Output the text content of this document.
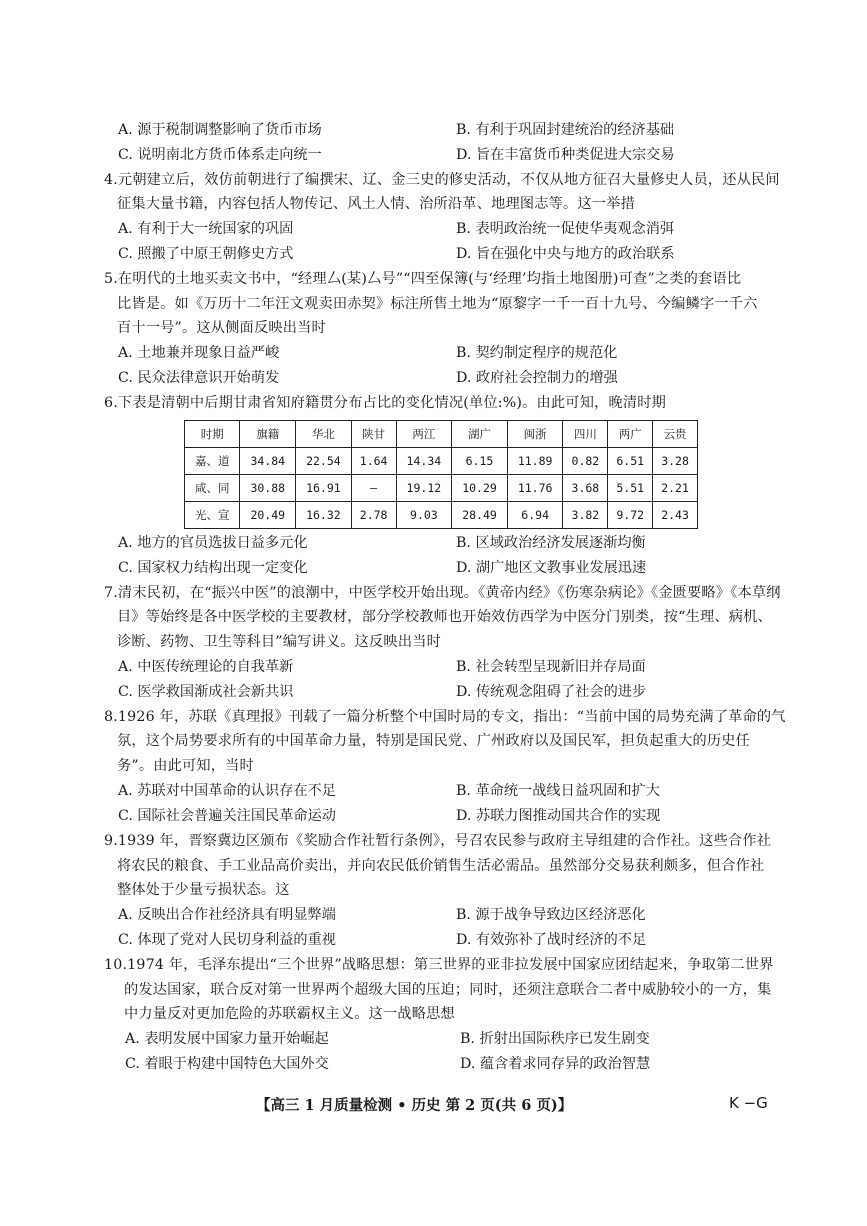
A. 源于税制调整影响了货币市场	B. 有利于巩固封建统治的经济基础
C. 说明南北方货币体系走向统一	D. 旨在丰富货币种类促进大宗交易
4.元朝建立后，效仿前朝进行了编撰宋、辽、金三史的修史活动，不仅从地方征召大量修史人员，还从民间
征集大量书籍，内容包括人物传记、风土人情、治所沿革、地理图志等。这一举措
A. 有利于大一统国家的巩固	B. 表明政治统一促使华夷观念消弭
C. 照搬了中原王朝修史方式	D. 旨在强化中央与地方的政治联系
5.在明代的土地买卖文书中，“经理厶(某)厶号”“四至保簿(与‘经理’均指土地图册)可查”之类的套语比
比皆是。如《万历十二年汪文观卖田赤契》标注所售土地为“原黎字一千一百十九号、今编鳞字一千六
百十一号”。这从侧面反映出当时
A. 土地兼并现象日益严峻	B. 契约制定程序的规范化
C. 民众法律意识开始萌发	D. 政府社会控制力的增强
6.下表是清朝中后期甘肃省知府籍贯分布占比的变化情况(单位:%)。由此可知，晚清时期
时期	旗籍	华北	陕甘	两江	湖广	闽浙	四川	两广	云贵
嘉、道	34.84	22.54	1.64	14.34	6.15	11.89	0.82	6.51	3.28
咸、同	30.88	16.91	—	19.12	10.29	11.76	3.68	5.51	2.21
光、宣	20.49	16.32	2.78	9.03	28.49	6.94	3.82	9.72	2.43
A. 地方的官员选拔日益多元化	B. 区域政治经济发展逐渐均衡
C. 国家权力结构出现一定变化	D. 湖广地区文教事业发展迅速
7.清末民初，在“振兴中医”的浪潮中，中医学校开始出现。《黄帝内经》《伤寒杂病论》《金匮要略》《本草纲
目》等始终是各中医学校的主要教材，部分学校教师也开始效仿西学为中医分门别类，按“生理、病机、
诊断、药物、卫生等科目”编写讲义。这反映出当时
A. 中医传统理论的自我革新	B. 社会转型呈现新旧并存局面
C. 医学救国渐成社会新共识	D. 传统观念阻碍了社会的进步
8.1926 年，苏联《真理报》刊载了一篇分析整个中国时局的专文，指出：“当前中国的局势充满了革命的气
氛，这个局势要求所有的中国革命力量，特别是国民党、广州政府以及国民军，担负起重大的历史任
务”。由此可知，当时
A. 苏联对中国革命的认识存在不足	B. 革命统一战线日益巩固和扩大
C. 国际社会普遍关注国民革命运动	D. 苏联力图推动国共合作的实现
9.1939 年，晋察冀边区颁布《奖励合作社暂行条例》，号召农民参与政府主导组建的合作社。这些合作社
将农民的粮食、手工业品高价卖出，并向农民低价销售生活必需品。虽然部分交易获利颇多，但合作社
整体处于少量亏损状态。这
A. 反映出合作社经济具有明显弊端	B. 源于战争导致边区经济恶化
C. 体现了党对人民切身利益的重视	D. 有效弥补了战时经济的不足
10.1974 年，毛泽东提出“三个世界”战略思想：第三世界的亚非拉发展中国家应团结起来，争取第二世界
的发达国家，联合反对第一世界两个超级大国的压迫；同时，还须注意联合二者中威胁较小的一方，集
中力量反对更加危险的苏联霸权主义。这一战略思想
A. 表明发展中国家力量开始崛起	B. 折射出国际秩序已发生剧变
C. 着眼于构建中国特色大国外交	D. 蕴含着求同存异的政治智慧
【高三 1 月质量检测 • 历史 第 2 页(共 6 页)】	K −G
